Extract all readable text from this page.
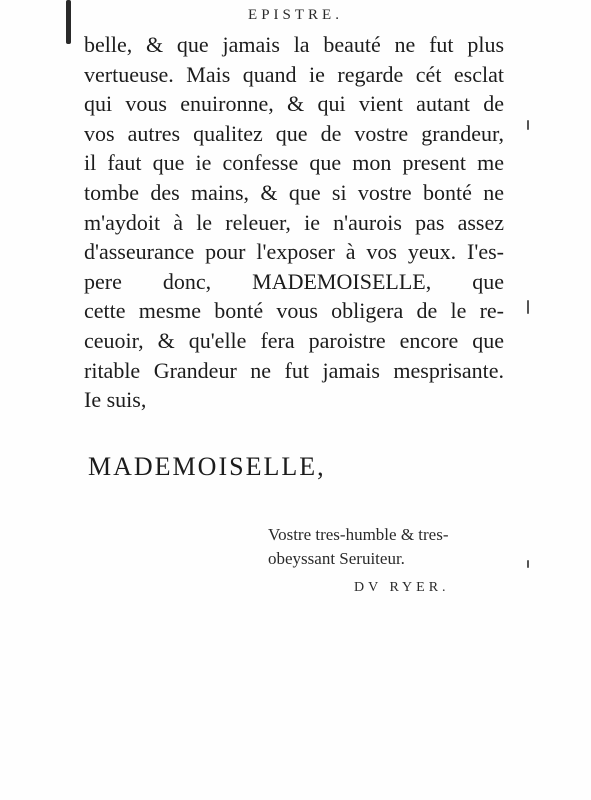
EPISTRE.
belle, & que jamais la beauté ne fut plus
vertueuse. Mais quand ie regarde cét esclat
qui vous enuironne, & qui vient autant de
vos autres qualitez que de vostre grandeur,
il faut que ie confesse que mon present me
tombe des mains, & que si vostre bonté ne
m'aydoit à le releuer, ie n'aurois pas assez
d'asseurance pour l'exposer à vos yeux. I'es-
pere donc, MADEMOISELLE, que
cette mesme bonté vous obligera de le re-
ceuoir, & qu'elle fera paroistre encore que
ritable Grandeur ne fut jamais mesprisante.
Ie suis,
MADEMOISELLE,
Vostre tres-humble & tres-
obeyssant Seruiteur.
DV RYER.
